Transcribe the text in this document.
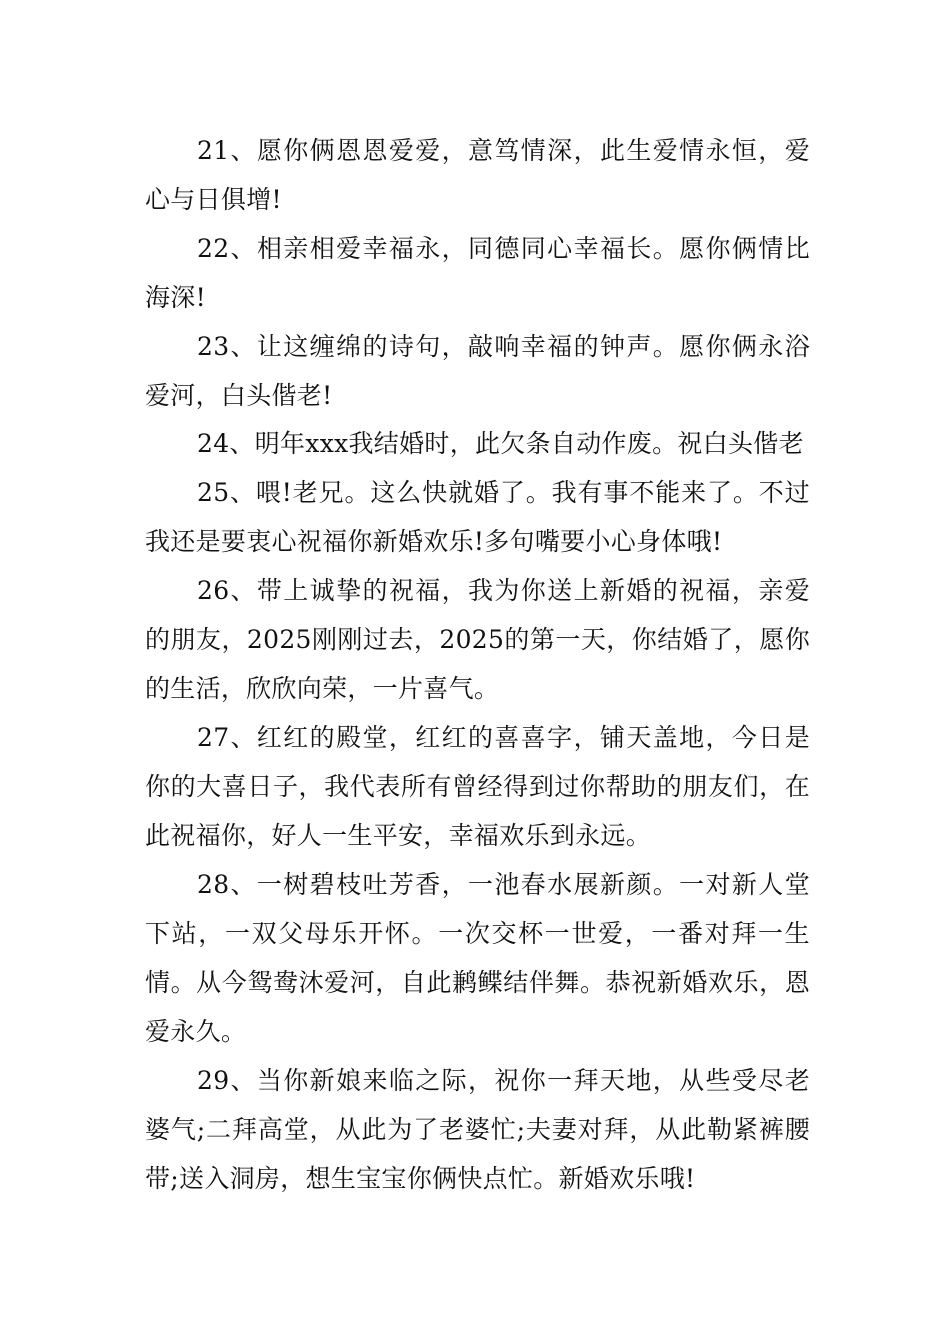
21、愿你俩恩恩爱爱，意笃情深，此生爱情永恒，爱心与日俱增!

22、相亲相爱幸福永，同德同心幸福长。愿你俩情比海深!

23、让这缠绵的诗句，敲响幸福的钟声。愿你俩永浴爱河，白头偕老!

24、明年xxx我结婚时，此欠条自动作废。祝白头偕老

25、喂!老兄。这么快就婚了。我有事不能来了。不过我还是要衷心祝福你新婚欢乐!多句嘴要小心身体哦!

26、带上诚挚的祝福，我为你送上新婚的祝福，亲爱的朋友，2025刚刚过去，2025的第一天，你结婚了，愿你的生活，欣欣向荣，一片喜气。

27、红红的殿堂，红红的喜喜字，铺天盖地，今日是你的大喜日子，我代表所有曾经得到过你帮助的朋友们，在此祝福你，好人一生平安，幸福欢乐到永远。

28、一树碧枝吐芳香，一池春水展新颜。一对新人堂下站，一双父母乐开怀。一次交杯一世爱，一番对拜一生情。从今鸳鸯沐爱河，自此鹣鲽结伴舞。恭祝新婚欢乐，恩爱永久。

29、当你新娘来临之际，祝你一拜天地，从些受尽老婆气;二拜高堂，从此为了老婆忙;夫妻对拜，从此勒紧裤腰带;送入洞房，想生宝宝你俩快点忙。新婚欢乐哦!
